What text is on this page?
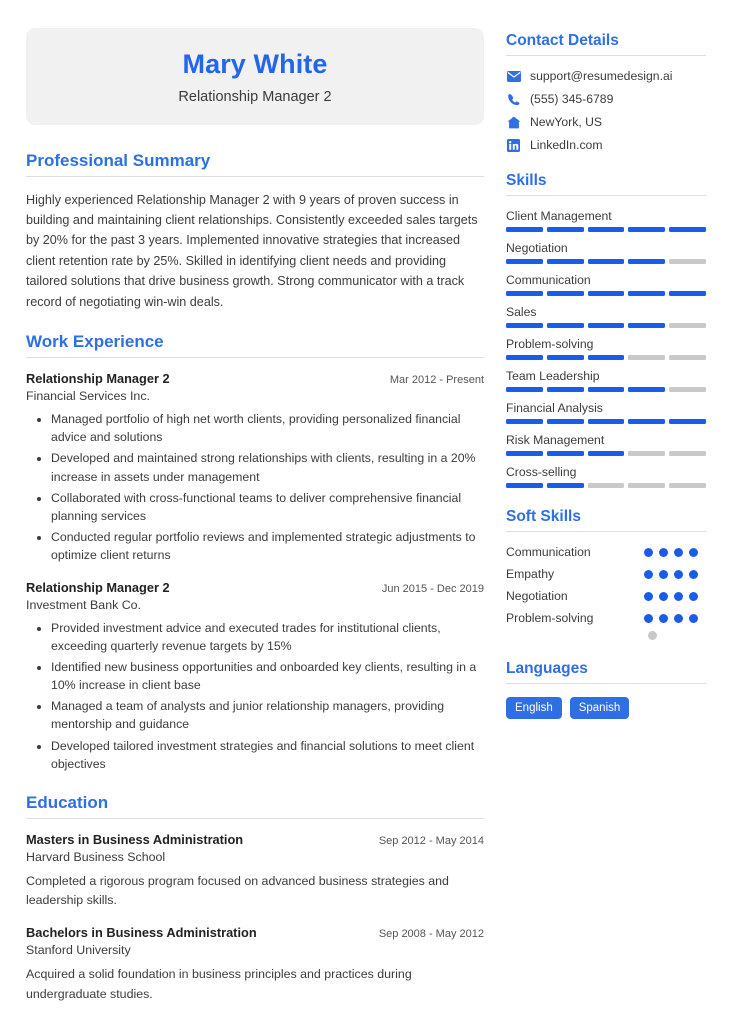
Mary White
Relationship Manager 2
Professional Summary
Highly experienced Relationship Manager 2 with 9 years of proven success in building and maintaining client relationships. Consistently exceeded sales targets by 20% for the past 3 years. Implemented innovative strategies that increased client retention rate by 25%. Skilled in identifying client needs and providing tailored solutions that drive business growth. Strong communicator with a track record of negotiating win-win deals.
Work Experience
Relationship Manager 2	Mar 2012 - Present
Financial Services Inc.
• Managed portfolio of high net worth clients, providing personalized financial advice and solutions
• Developed and maintained strong relationships with clients, resulting in a 20% increase in assets under management
• Collaborated with cross-functional teams to deliver comprehensive financial planning services
• Conducted regular portfolio reviews and implemented strategic adjustments to optimize client returns
Relationship Manager 2	Jun 2015 - Dec 2019
Investment Bank Co.
• Provided investment advice and executed trades for institutional clients, exceeding quarterly revenue targets by 15%
• Identified new business opportunities and onboarded key clients, resulting in a 10% increase in client base
• Managed a team of analysts and junior relationship managers, providing mentorship and guidance
• Developed tailored investment strategies and financial solutions to meet client objectives
Education
Masters in Business Administration	Sep 2012 - May 2014
Harvard Business School
Completed a rigorous program focused on advanced business strategies and leadership skills.
Bachelors in Business Administration	Sep 2008 - May 2012
Stanford University
Acquired a solid foundation in business principles and practices during undergraduate studies.
Contact Details
support@resumedesign.ai
(555) 345-6789
NewYork, US
LinkedIn.com
Skills
Client Management
Negotiation
Communication
Sales
Problem-solving
Team Leadership
Financial Analysis
Risk Management
Cross-selling
Soft Skills
Communication
Empathy
Negotiation
Problem-solving
Languages
English	Spanish
